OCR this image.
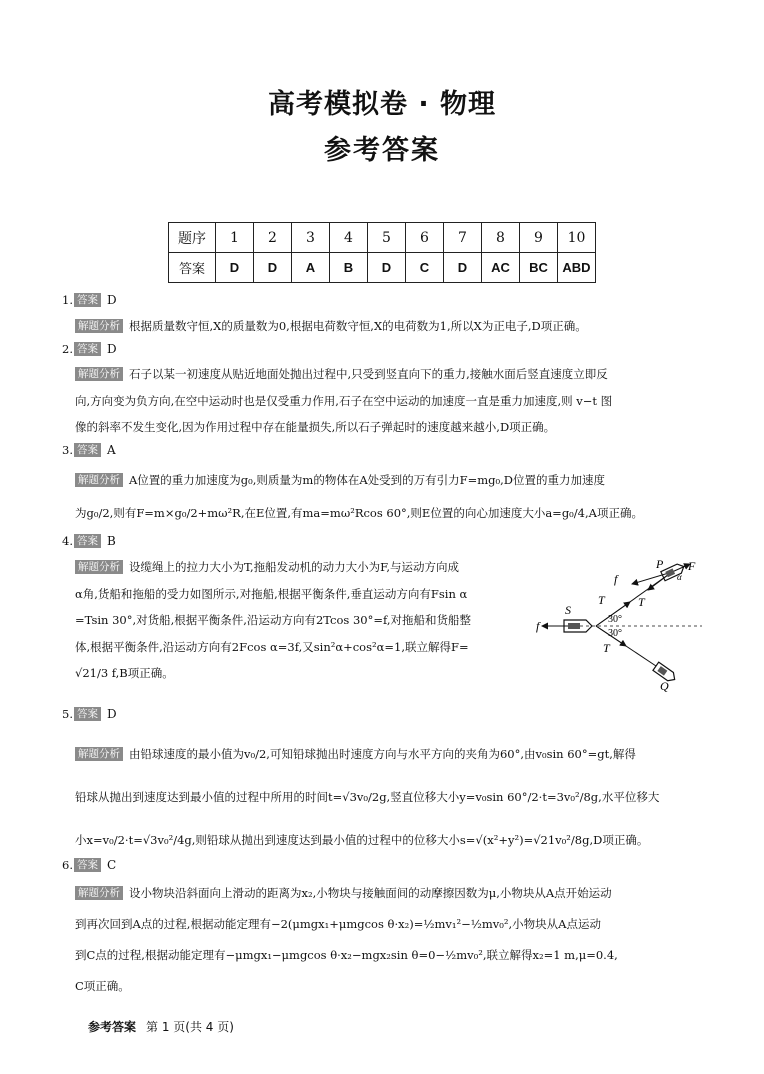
高考模拟卷 · 物理
参考答案
题序	1	2	3	4	5	6	7	8	9	10
答案	D	D	A	B	D	C	D	AC	BC	ABD
1. 答案 D
解题分析 根据质量数守恒,X的质量数为0,根据电荷数守恒,X的电荷数为1,所以X为正电子,D项正确。
2. 答案 D
解题分析 石子以某一初速度从贴近地面处抛出过程中,只受到竖直向下的重力,接触水面后竖直速度立即反
向,方向变为负方向,在空中运动时也是仅受重力作用,石子在空中运动的加速度一直是重力加速度,则 v−t 图
像的斜率不发生变化,因为作用过程中存在能量损失,所以石子弹起时的速度越来越小,D项正确。
3. 答案 A
解题分析 A位置的重力加速度为g₀,则质量为m的物体在A处受到的万有引力F=mg₀,D位置的重力加速度
为g₀/2,则有F=m×g₀/2+mω²R,在E位置,有ma=mω²Rcos 60°,则E位置的向心加速度大小a=g₀/4,A项正确。
4. 答案 B
解题分析 设缆绳上的拉力大小为T,拖船发动机的动力大小为F,与运动方向成
α角,货船和拖船的受力如图所示,对拖船,根据平衡条件,垂直运动方向有Fsin α
=Tsin 30°,对货船,根据平衡条件,沿运动方向有2Tcos 30°=f,对拖船和货船整
体,根据平衡条件,沿运动方向有2Fcos α=3f,又sin²α+cos²α=1,联立解得F=
√21/3 f,B项正确。
P F
f	α
T	T
S
30°
30°
f
T
Q
5. 答案 D
解题分析 由铅球速度的最小值为v₀/2,可知铅球抛出时速度方向与水平方向的夹角为60°,由v₀sin 60°=gt,解得
铅球从抛出到速度达到最小值的过程中所用的时间t=√3v₀/2g,竖直位移大小y=v₀sin 60°/2·t=3v₀²/8g,水平位移大
小x=v₀/2·t=√3v₀²/4g,则铅球从抛出到速度达到最小值的过程中的位移大小s=√(x²+y²)=√21v₀²/8g,D项正确。
6. 答案 C
解题分析 设小物块沿斜面向上滑动的距离为x₂,小物块与接触面间的动摩擦因数为μ,小物块从A点开始运动
到再次回到A点的过程,根据动能定理有−2(μmgx₁+μmgcos θ·x₂)=½mv₁²−½mv₀²,小物块从A点运动
到C点的过程,根据动能定理有−μmgx₁−μmgcos θ·x₂−mgx₂sin θ=0−½mv₀²,联立解得x₂=1 m,μ=0.4,
C项正确。
参考答案 第 1 页(共 4 页)
